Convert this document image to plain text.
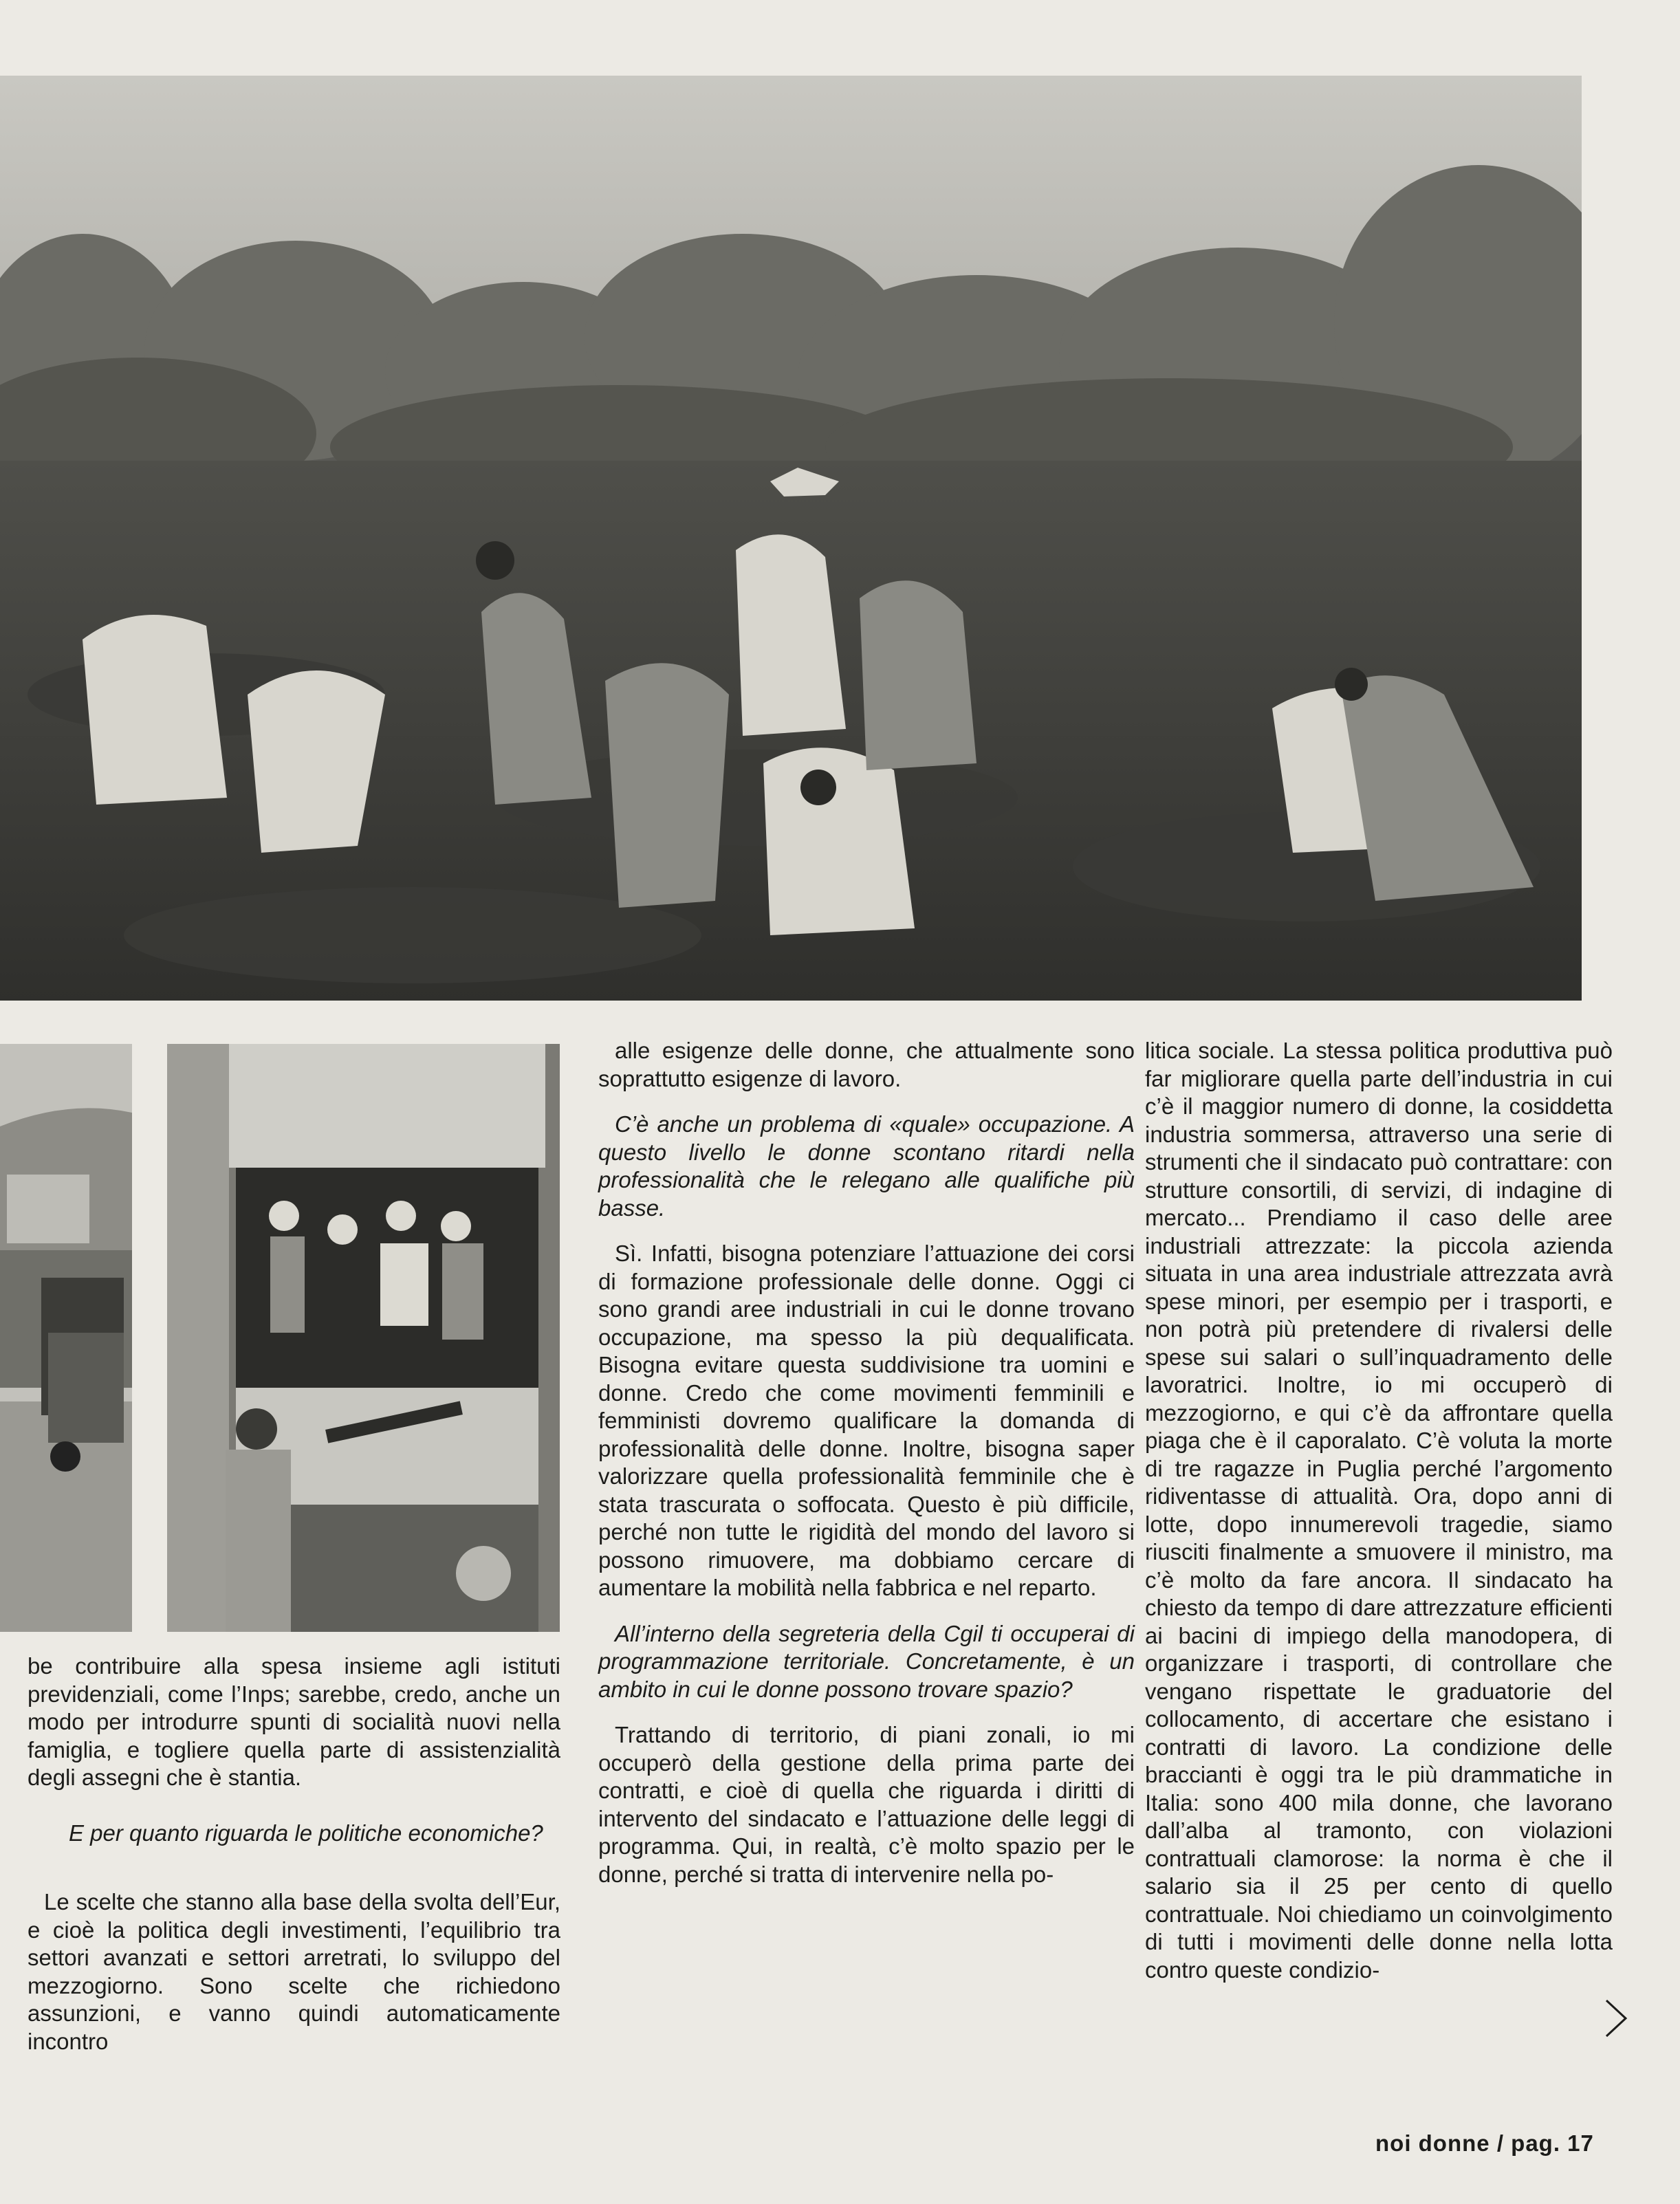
be contribuire alla spesa insieme agli istituti previdenziali, come l’Inps; sarebbe, credo, anche un modo per introdurre spunti di socialità nuovi nella famiglia, e togliere quella parte di assistenzialità degli assegni che è stantia.

E per quanto riguarda le politiche economiche?

Le scelte che stanno alla base della svolta dell’Eur, e cioè la politica degli investimenti, l’equilibrio tra settori avanzati e settori arretrati, lo sviluppo del mezzogiorno. Sono scelte che richiedono assunzioni, e vanno quindi automaticamente incontro

alle esigenze delle donne, che attualmente sono soprattutto esigenze di lavoro.

C’è anche un problema di «quale» occupazione. A questo livello le donne scontano ritardi nella professionalità che le relegano alle qualifiche più basse.

Sì. Infatti, bisogna potenziare l’attuazione dei corsi di formazione professionale delle donne. Oggi ci sono grandi aree industriali in cui le donne trovano occupazione, ma spesso la più dequalificata. Bisogna evitare questa suddivisione tra uomini e donne. Credo che come movimenti femminili e femministi dovremo qualificare la domanda di professionalità delle donne. Inoltre, bisogna saper valorizzare quella professionalità femminile che è stata trascurata o soffocata. Questo è più difficile, perché non tutte le rigidità del mondo del lavoro si possono rimuovere, ma dobbiamo cercare di aumentare la mobilità nella fabbrica e nel reparto.

All’interno della segreteria della Cgil ti occuperai di programmazione territoriale. Concretamente, è un ambito in cui le donne possono trovare spazio?

Trattando di territorio, di piani zonali, io mi occuperò della gestione della prima parte dei contratti, e cioè di quella che riguarda i diritti di intervento del sindacato e l’attuazione delle leggi di programma. Qui, in realtà, c’è molto spazio per le donne, perché si tratta di intervenire nella po-

litica sociale. La stessa politica produttiva può far migliorare quella parte dell’industria in cui c’è il maggior numero di donne, la cosiddetta industria sommersa, attraverso una serie di strumenti che il sindacato può contrattare: con strutture consortili, di servizi, di indagine di mercato... Prendiamo il caso delle aree industriali attrezzate: la piccola azienda situata in una area industriale attrezzata avrà spese minori, per esempio per i trasporti, e non potrà più pretendere di rivalersi delle spese sui salari o sull’inquadramento delle lavoratrici. Inoltre, io mi occuperò di mezzogiorno, e qui c’è da affrontare quella piaga che è il caporalato. C’è voluta la morte di tre ragazze in Puglia perché l’argomento ridiventasse di attualità. Ora, dopo anni di lotte, dopo innumerevoli tragedie, siamo riusciti finalmente a smuovere il ministro, ma c’è molto da fare ancora. Il sindacato ha chiesto da tempo di dare attrezzature efficienti ai bacini di impiego della manodopera, di organizzare i trasporti, di controllare che vengano rispettate le graduatorie del collocamento, di accertare che esistano i contratti di lavoro. La condizione delle braccianti è oggi tra le più drammatiche in Italia: sono 400 mila donne, che lavorano dall’alba al tramonto, con violazioni contrattuali clamorose: la norma è che il salario sia il 25 per cento di quello contrattuale. Noi chiediamo un coinvolgimento di tutti i movimenti delle donne nella lotta contro queste condizio-

noi donne / pag. 17
